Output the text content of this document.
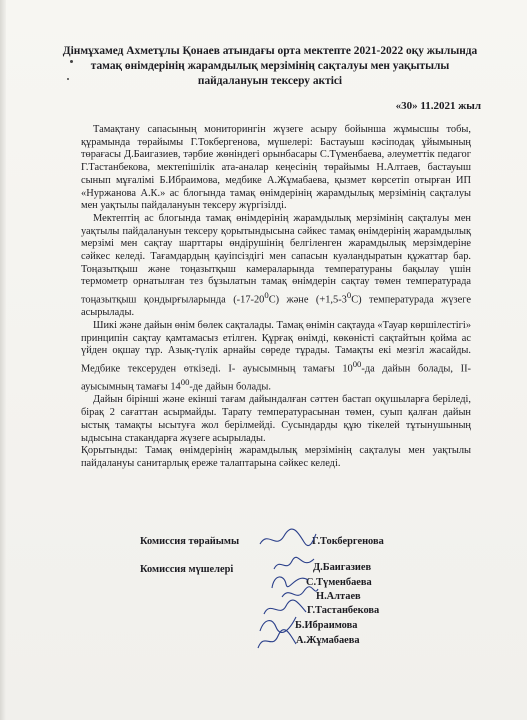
Дінмұхамед Ахметұлы Қонаев атындағы орта мектепте 2021-2022 оқу жылында тамақ өнімдерінің жарамдылық мерзімінің сақталуы мен уақытылы пайдалануын тексеру актісі
«30» 11.2021 жыл

Тамақтану сапасының мониторингін жүзеге асыру бойынша жұмысшы тобы, құрамында төрайымы Г.Токбергенова, мүшелері: Бастауыш кәсіподақ ұйымының төрағасы Д.Баигазиев, тәрбие жөніндегі орынбасары С.Түменбаева, әлеуметтік педагог Г.Тастанбекова, мектепішілік ата-аналар кеңесінің төрайымы Н.Алтаев, бастауыш сынып мұғалімі Б.Ибраимова, медбике А.Жұмабаева, қызмет көрсетіп отырған ИП «Нуржанова А.К.» ас блогында тамақ өнімдерінің жарамдылық мерзімінің сақталуы мен уақтылы пайдалануын тексеру жүргізілді.

Мектептің ас блогында тамақ өнімдерінің жарамдылық мерзімінің сақталуы мен уақтылы пайдалануын тексеру қорытындысына сәйкес тамақ өнімдерінің жарамдылық мерзімі мен сақтау шарттары өндірушінің белгіленген жарамдылық мерзімдеріне сәйкес келеді. Тағамдардың қауіпсіздігі мен сапасын куәландыратын құжаттар бар. Тоңазытқыш және тоңазытқыш камераларында температураны бақылау үшін термометр орнатылған тез бұзылатын тамақ өнімдерін сақтау төмен температурада тоңазытқыш қондырғыларында $(-17-20^0С)$ және $(+1,5-3^0С)$ температурада жүзеге асырылады.

Шикі және дайын өнім бөлек сақталады. Тамақ өнімін сақтауда «Тауар көршілестігі» принципін сақтау қамтамасыз етілген. Құрғақ өнімді, көкөністі сақтайтын қойма ас үйден оқшау тұр. Азық-түлік арнайы сөреде тұрады. Тамақты екі мезгіл жасайды. Медбике тексеруден өткізеді. I- ауысымның тамағы $10^{00}-да$ дайын болады, II- ауысымның тамағы $14^{00}-де$ дайын болады.

Дайын бірінші және екінші тағам дайындалған сәттен бастап оқушыларға беріледі, бірақ 2 сағаттан асырмайды. Тарату температурасынан төмен, суып қалған дайын ыстық тамақты ысытуға жол берілмейді. Сусындарды құю тікелей тұтынушының ыдысына стакандарға жүзеге асырылады.

Қорытынды: Тамақ өнімдерінің жарамдылық мерзімінің сақталуы мен уақтылы пайдалануы санитарлық ереже талаптарына сәйкес келеді.

Комиссия төрайымы	Г.Токбергенова
Комиссия мүшелері	Д.Баигазиев
С.Түменбаева
Н.Алтаев
Г.Тастанбекова
Б.Ибраимова
А.Жұмабаева
